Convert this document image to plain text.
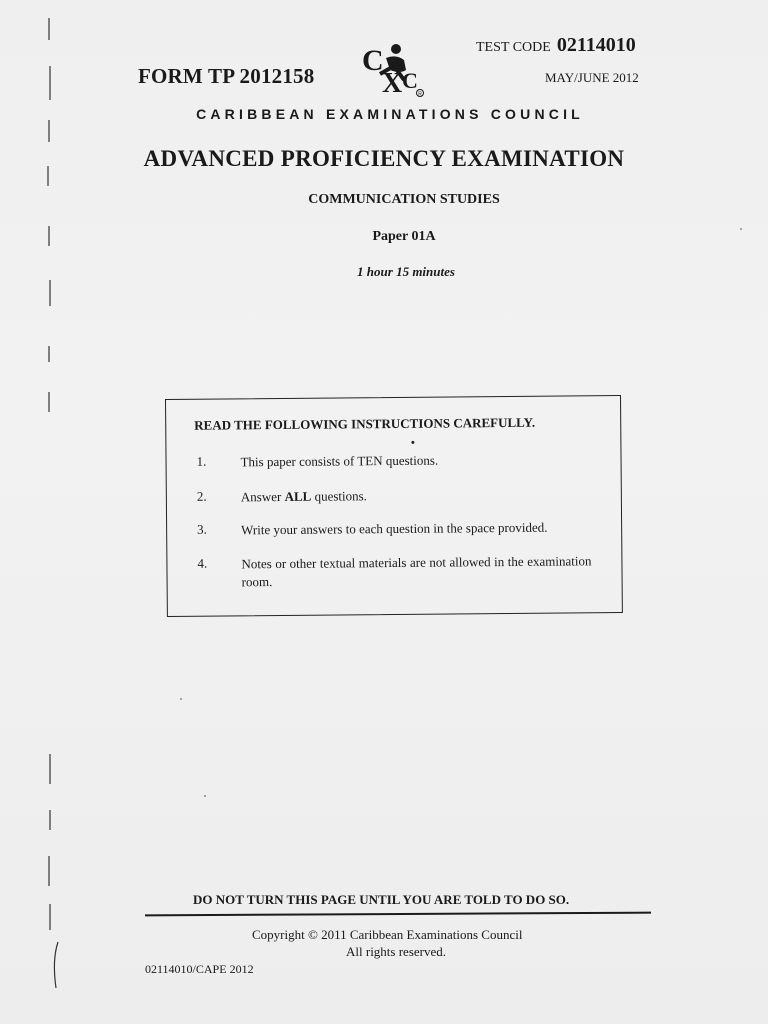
FORM TP 2012158 C
X C
R
TEST CODE 02114010
MAY/JUNE 2012
CARIBBEAN EXAMINATIONS COUNCIL
ADVANCED PROFICIENCY EXAMINATION
COMMUNICATION STUDIES
Paper 01A
1 hour 15 minutes
READ THE FOLLOWING INSTRUCTIONS CAREFULLY.
1.	This paper consists of TEN questions.
2.	Answer ALL questions.
3.	Write your answers to each question in the space provided.
4.	Notes or other textual materials are not allowed in the examination room.
DO NOT TURN THIS PAGE UNTIL YOU ARE TOLD TO DO SO.
Copyright © 2011 Caribbean Examinations Council
All rights reserved.
02114010/CAPE 2012
